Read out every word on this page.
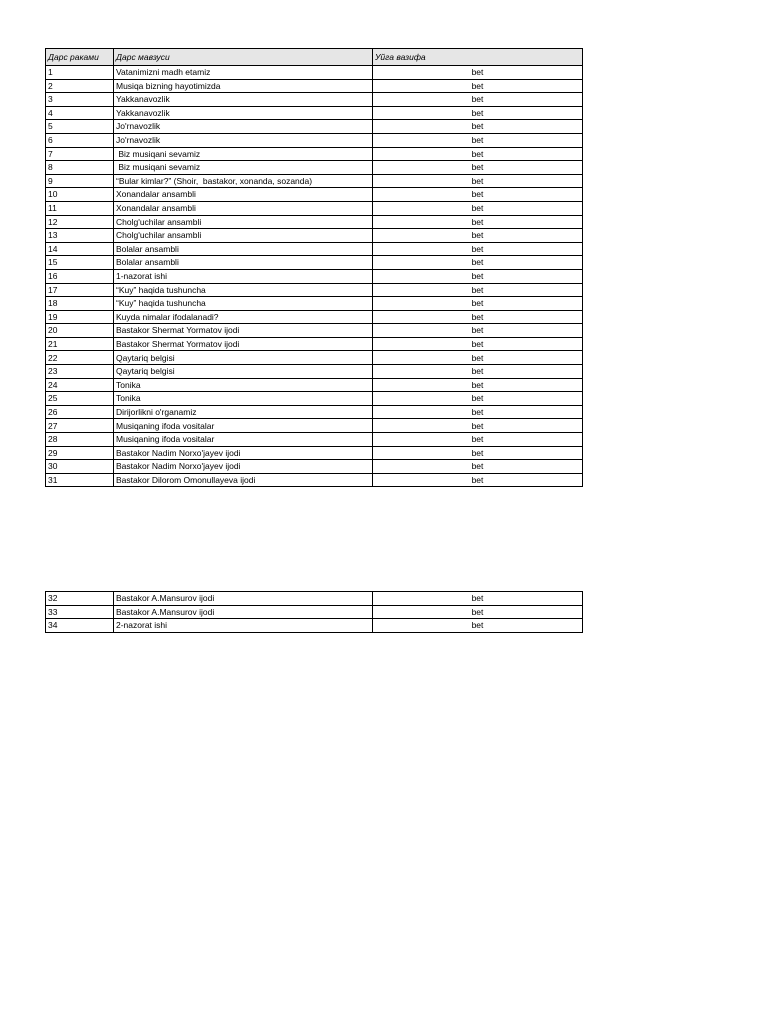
Дарс раками	Дарс мавзуси	Уйга вазифа
1	Vatanimizni madh etamiz	bet
2	Musiqa bizning hayotimizda	bet
3	Yakkanavozlik	bet
4	Yakkanavozlik	bet
5	Jo'rnavozlik	bet
6	Jo'rnavozlik	bet
7	Biz musiqani sevamiz	bet
8	Biz musiqani sevamiz	bet
9	“Bular kimlar?” (Shoir,  bastakor, xonanda, sozanda)	bet
10	Xonandalar ansambli	bet
11	Xonandalar ansambli	bet
12	Cholg'uchilar ansambli	bet
13	Cholg'uchilar ansambli	bet
14	Bolalar ansambli	bet
15	Bolalar ansambli	bet
16	1-nazorat ishi	bet
17	“Kuy” haqida tushuncha	bet
18	“Kuy” haqida tushuncha	bet
19	Kuyda nimalar ifodalanadi?	bet
20	Bastakor Shermat Yormatov ijodi	bet
21	Bastakor Shermat Yormatov ijodi	bet
22	Qaytariq belgisi	bet
23	Qaytariq belgisi	bet
24	Tonika	bet
25	Tonika	bet
26	Dirijorlikni o'rganamiz	bet
27	Musiqaning ifoda vositalar	bet
28	Musiqaning ifoda vositalar	bet
29	Bastakor Nadim Norxo'jayev ijodi	bet
30	Bastakor Nadim Norxo'jayev ijodi	bet
31	Bastakor Dilorom Omonullayeva ijodi	bet
32	Bastakor A.Mansurov ijodi	bet
33	Bastakor A.Mansurov ijodi	bet
34	2-nazorat ishi	bet
